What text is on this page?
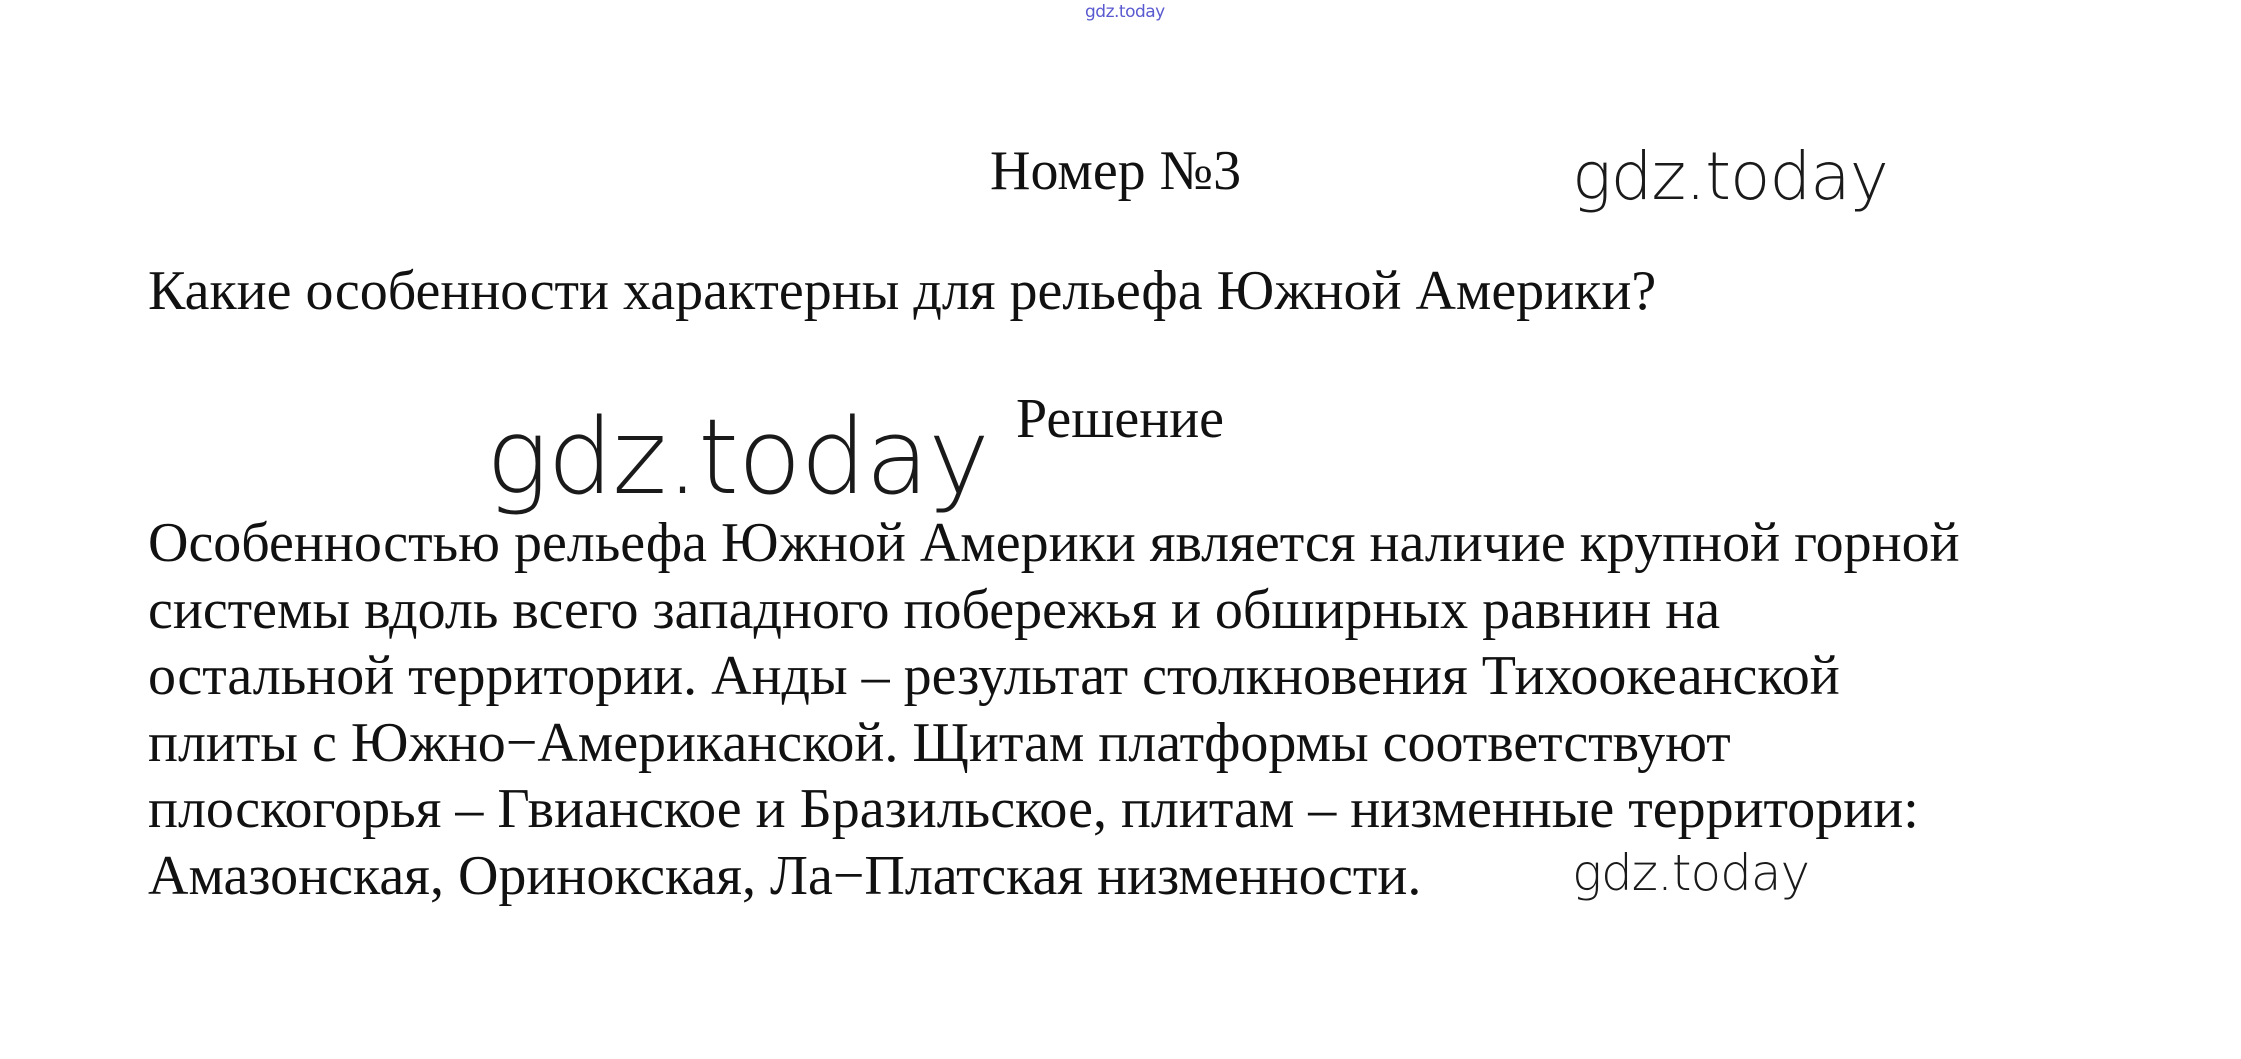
gdz.today
gdz.today
gdz.today
gdz.today
Номер №3
Какие особенности характерны для рельефа Южной Америки?
Решение
Особенностью рельефа Южной Америки является наличие крупной горной
системы вдоль всего западного побережья и обширных равнин на
остальной территории. Анды – результат столкновения Тихоокеанской
плиты с Южно−Американской. Щитам платформы соответствуют
плоскогорья – Гвианское и Бразильское, плитам – низменные территории:
Амазонская, Оринокская, Ла−Платская низменности.
